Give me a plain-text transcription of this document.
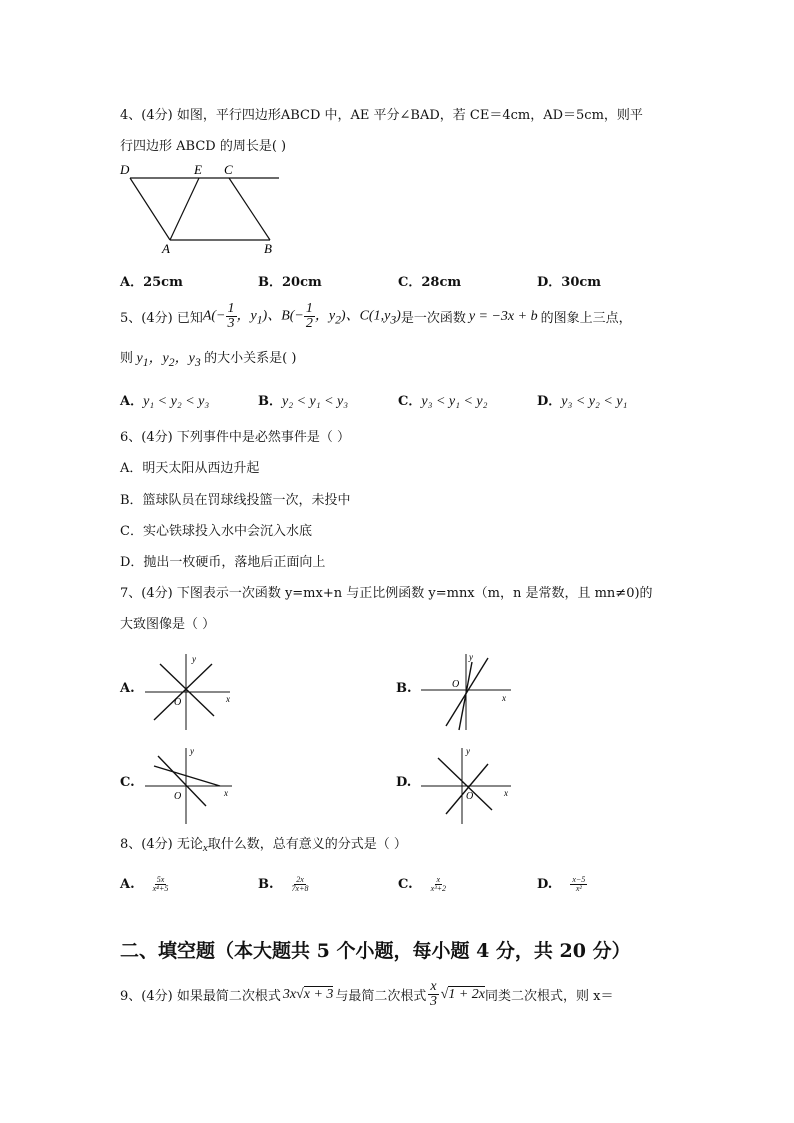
4、(4分) 如图，平行四边形ABCD 中，AE 平分∠BAD，若 CE＝4cm，AD＝5cm，则平
行四边形 ABCD 的周长是( )
D	E C
A	B
A．25cm	B．20cm	C．28cm	D．30cm
5、(4分) 已知 $A(- \frac{1}{3}$ ，$y_1$)、$B(- \frac{1}{2}$ ，$y_2$)、$C(1,y_3)$ 是一次函数 y = −3x + b 的图象上三点，
则 $y_1$，$y_2$，$y_3$ 的大小关系是( )
A．y₁ < y₂ < y₃	B．y₂ < y₁ < y₃	C．y₃ < y₁ < y₂	D．y₃ < y₂ < y₁
6、(4分) 下列事件中是必然事件是（ ）
A．明天太阳从西边升起
B．篮球队员在罚球线投篮一次，未投中
C．实心铁球投入水中会沉入水底
D．抛出一枚硬币，落地后正面向上
7、(4分) 下图表示一次函数 y=mx+n 与正比例函数 y=mnx（m，n 是常数，且 mn≠0)的
大致图像是（ ）
A.
y
x
O
B.
y
x
O
C.
y
x
O
D.
y
x
O
8、(4分) 无论$_x$取什么数，总有意义的分式是（ ）
A. $\frac{5x}{\text{x⁴+5}}$	B. $\frac{2x}{7x+8}$	C. $\frac{x}{\text{x³+2}}$	D. $\frac{x-5}{\text{x²}}$
二、填空题（本大题共 5 个小题，每小题 4 分，共 20 分）
9、(4分) 如果最简二次根式 3x√x + 3 与最简二次根式 $\frac{x}{3} √1 + 2x$ 同类二次根式，则 x＝
